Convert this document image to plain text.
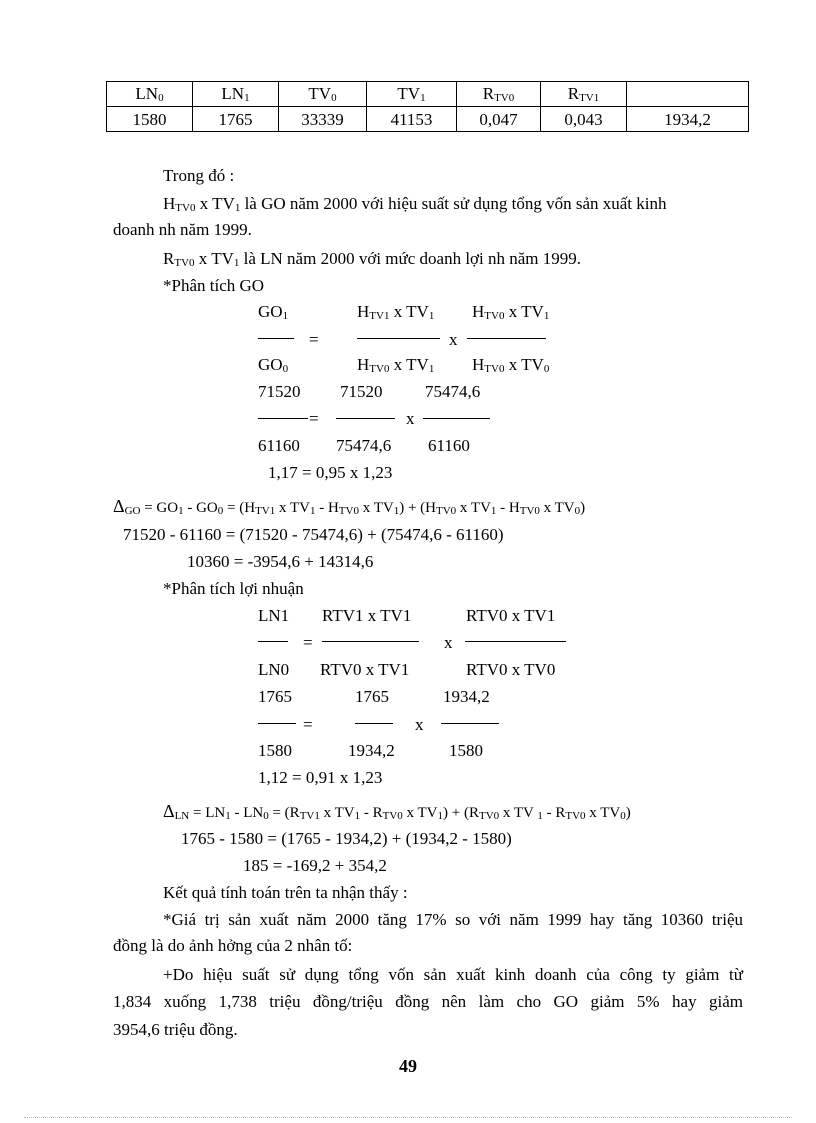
LN0	LN1	TV0	TV1	RTV0	RTV1	
1580	1765	33339	41153	0,047	0,043	1934,2
Trong đó :
HTV0 x TV1 là GO năm 2000 với hiệu suất sử dụng tổng vốn sản xuất kinh
doanh nh năm 1999.
RTV0 x TV1 là LN năm 2000 với mức doanh lợi nh năm 1999.
*Phân tích GO
GO1	HTV1 x TV1 HTV0 x TV1
=	x
GO0	HTV0 x TV1 HTV0 x TV0
71520 71520	75474,6
=	x
61160 75474,6 61160
1,17 = 0,95 x 1,23
ΔGO = GO1 - GO0 = (HTV1 x TV1 - HTV0 x TV1) + (HTV0 x TV1 - HTV0 x TV0)
71520 - 61160 = (71520 - 75474,6) + (75474,6 - 61160)
10360 = -3954,6 + 14314,6
*Phân tích lợi nhuận
LN1 RTV1 x TV1	RTV0 x TV1
=	x
LN0 RTV0 x TV1	RTV0 x TV0
1765	1765	1934,2
=	x
1580	1934,2	1580
1,12 = 0,91 x 1,23
ΔLN = LN1 - LN0 = (RTV1 x TV1 - RTV0 x TV1) + (RTV0 x TV 1 - RTV0 x TV0)
1765 - 1580 = (1765 - 1934,2) + (1934,2 - 1580)
185 = -169,2 + 354,2
Kết quả tính toán trên ta nhận thấy :
*Giá trị sản xuất năm 2000 tăng 17% so với năm 1999 hay tăng 10360 triệu
đồng là do ảnh hởng của 2 nhân tố:
+Do hiệu suất sử dụng tổng vốn sản xuất kinh doanh của công ty giảm từ
1,834 xuống 1,738 triệu đồng/triệu đồng nên làm cho GO giảm 5% hay giảm
3954,6 triệu đồng.
49
